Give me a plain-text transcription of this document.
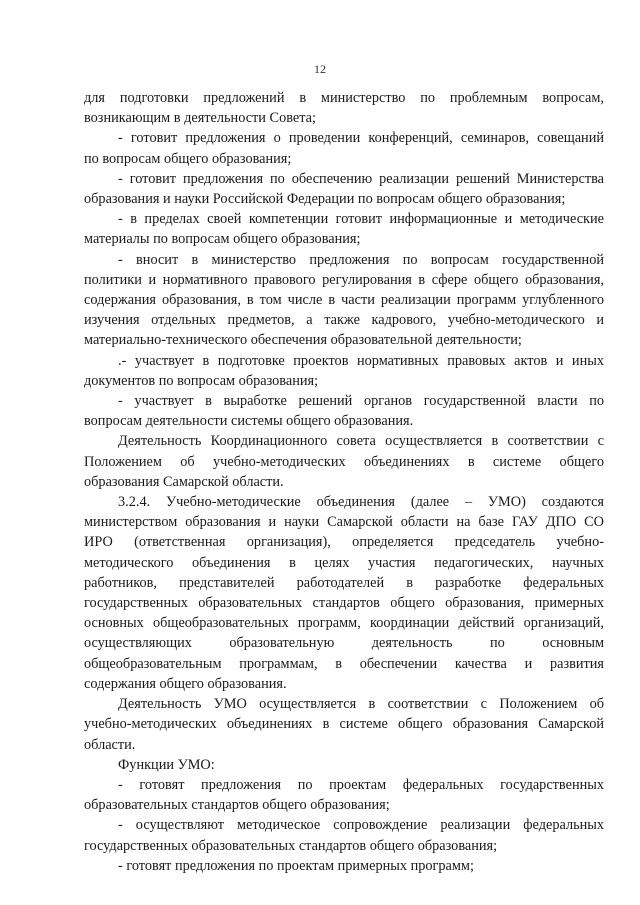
12

для подготовки предложений в министерство по проблемным вопросам,
возникающим в деятельности Совета;

- готовит предложения о проведении конференций, семинаров, совещаний
по вопросам общего образования;

- готовит предложения по обеспечению реализации решений Министерства
образования и науки Российской Федерации по вопросам общего образования;

- в пределах своей компетенции готовит информационные и методические
материалы по вопросам общего образования;

- вносит в министерство предложения по вопросам государственной
политики и нормативного правового регулирования в сфере общего образования,
содержания образования, в том числе в части реализации программ углубленного
изучения отдельных предметов, а также кадрового, учебно-методического и
материально-технического обеспечения образовательной деятельности;

.- участвует в подготовке проектов нормативных правовых актов и иных
документов по вопросам образования;

- участвует в выработке решений органов государственной власти по
вопросам деятельности системы общего образования.

Деятельность Координационного совета осуществляется в соответствии с
Положением об учебно-методических объединениях в системе общего
образования Самарской области.

3.2.4. Учебно-методические объединения (далее – УМО) создаются
министерством образования и науки Самарской области на базе ГАУ ДПО СО
ИРО (ответственная организация), определяется председатель учебно-
методического объединения в целях участия педагогических, научных
работников, представителей работодателей в разработке федеральных
государственных образовательных стандартов общего образования, примерных
основных общеобразовательных программ, координации действий организаций,
осуществляющих образовательную деятельность по основным
общеобразовательным программам, в обеспечении качества и развития
содержания общего образования.

Деятельность УМО осуществляется в соответствии с Положением об
учебно-методических объединениях в системе общего образования Самарской
области.

Функции УМО:

- готовят предложения по проектам федеральных государственных
образовательных стандартов общего образования;

- осуществляют методическое сопровождение реализации федеральных
государственных образовательных стандартов общего образования;

- готовят предложения по проектам примерных программ;
